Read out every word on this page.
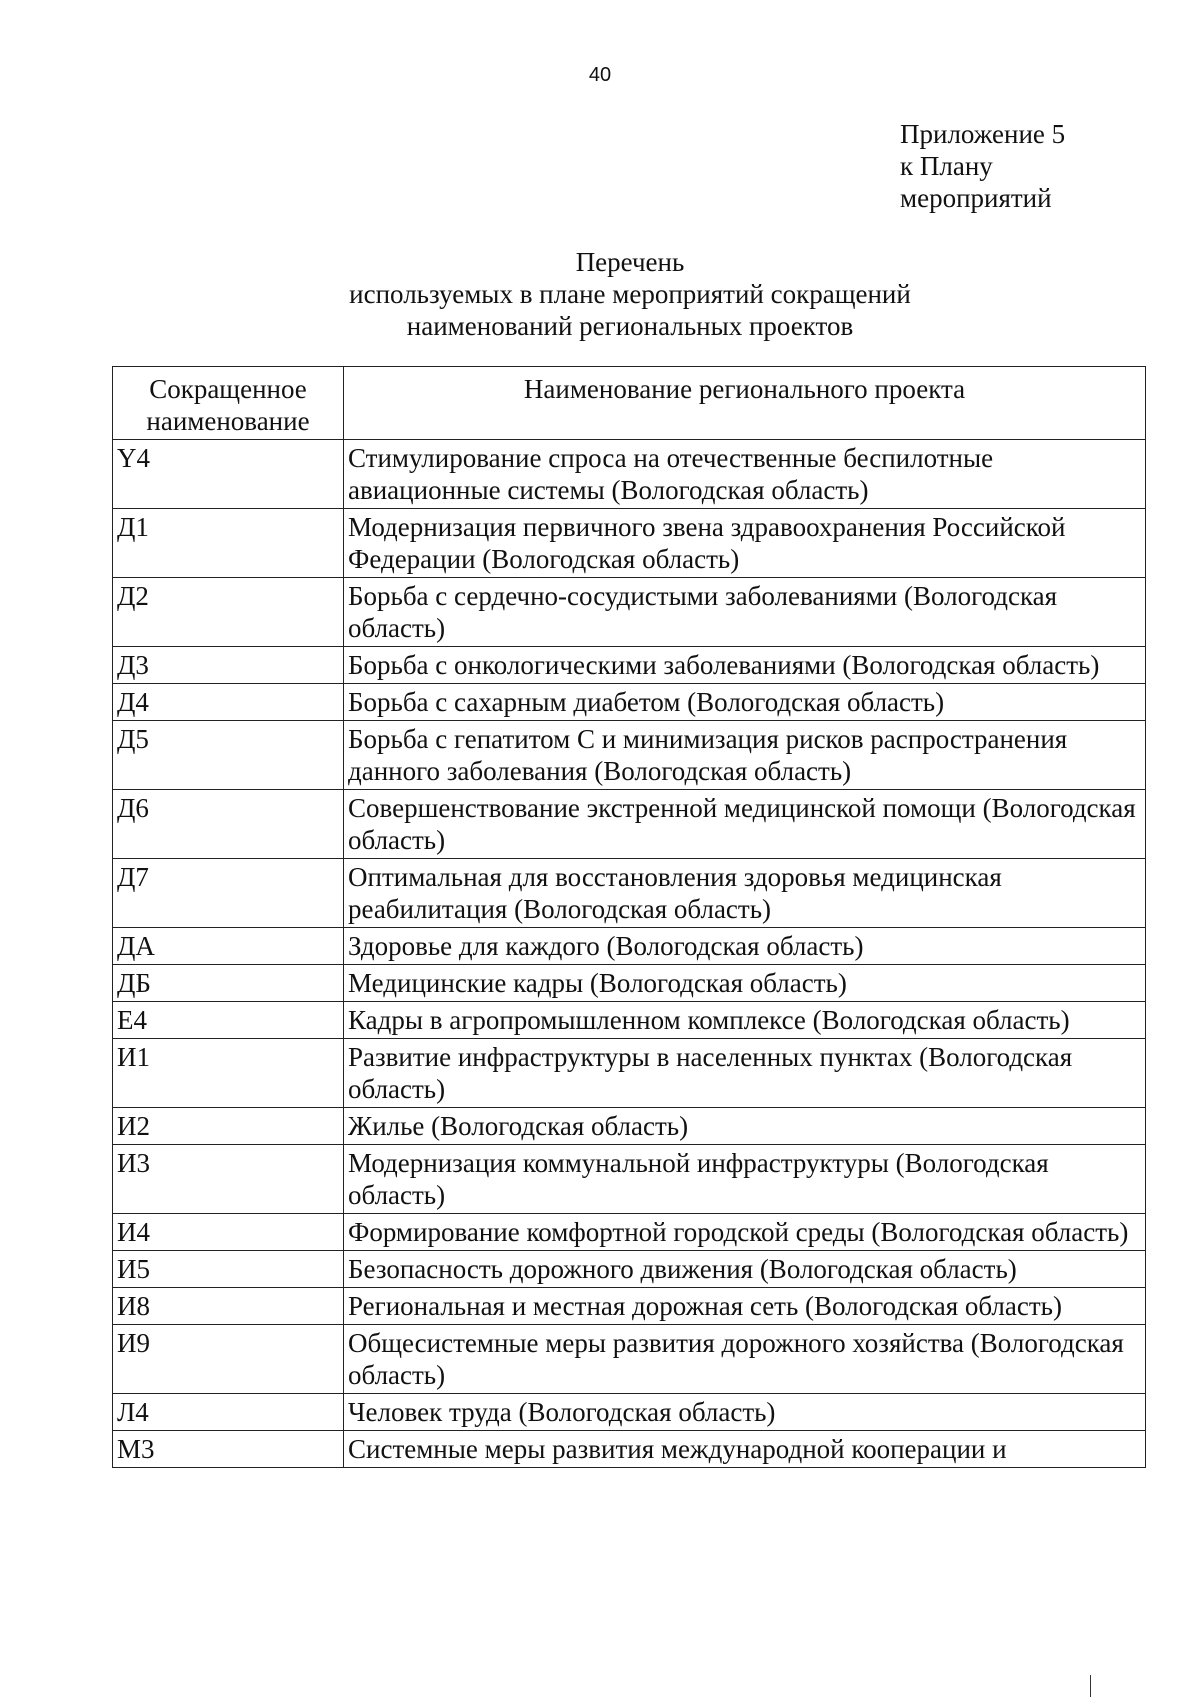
40
Приложение 5
к Плану
мероприятий
Перечень
используемых в плане мероприятий сокращений
наименований региональных проектов
Сокращенное наименование	Наименование регионального проекта
Y4	Стимулирование спроса на отечественные беспилотные авиационные системы (Вологодская область)
Д1	Модернизация первичного звена здравоохранения Российской Федерации (Вологодская область)
Д2	Борьба с сердечно-сосудистыми заболеваниями (Вологодская область)
Д3	Борьба с онкологическими заболеваниями (Вологодская область)
Д4	Борьба с сахарным диабетом (Вологодская область)
Д5	Борьба с гепатитом С и минимизация рисков распространения данного заболевания (Вологодская область)
Д6	Совершенствование экстренной медицинской помощи (Вологодская область)
Д7	Оптимальная для восстановления здоровья медицинская реабилитация (Вологодская область)
ДА	Здоровье для каждого (Вологодская область)
ДБ	Медицинские кадры (Вологодская область)
Е4	Кадры в агропромышленном комплексе (Вологодская область)
И1	Развитие инфраструктуры в населенных пунктах (Вологодская область)
И2	Жилье (Вологодская область)
И3	Модернизация коммунальной инфраструктуры (Вологодская область)
И4	Формирование комфортной городской среды (Вологодская область)
И5	Безопасность дорожного движения (Вологодская область)
И8	Региональная и местная дорожная сеть (Вологодская область)
И9	Общесистемные меры развития дорожного хозяйства (Вологодская область)
Л4	Человек труда (Вологодская область)
М3	Системные меры развития международной кооперации и
